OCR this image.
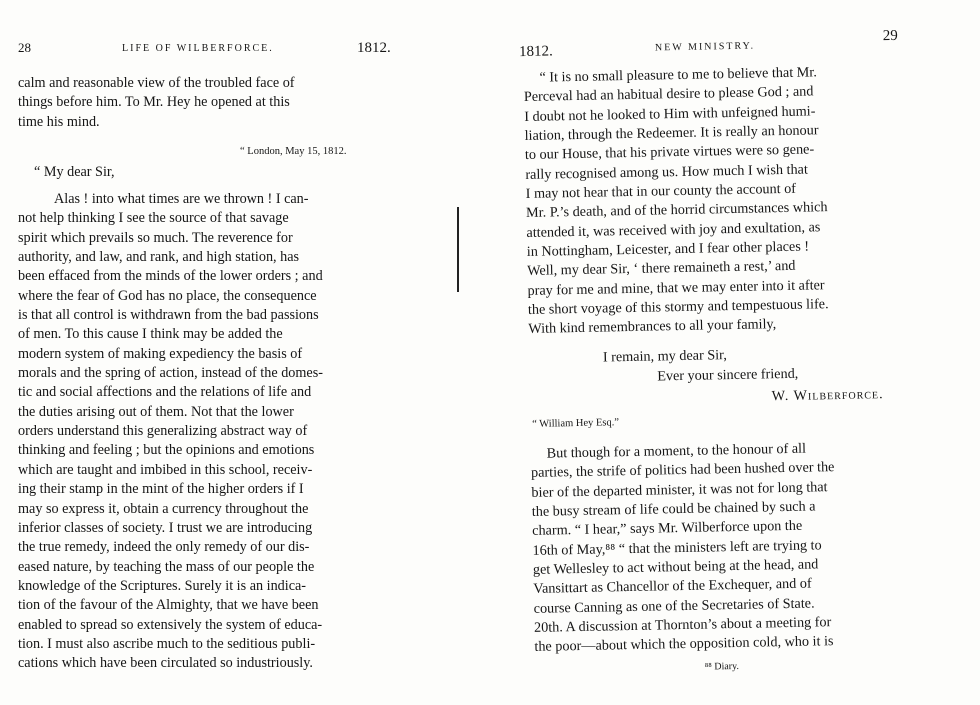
28	LIFE OF WILBERFORCE.	1812.

calm and reasonable view of the troubled face of

things before him. To Mr. Hey he opened at this

time his mind.

“ London, May 15, 1812.
“ My dear Sir,

Alas ! into what times are we thrown ! I can-

not help thinking I see the source of that savage

spirit which prevails so much. The reverence for

authority, and law, and rank, and high station, has

been effaced from the minds of the lower orders ; and

where the fear of God has no place, the consequence

is that all control is withdrawn from the bad passions

of men. To this cause I think may be added the

modern system of making expediency the basis of

morals and the spring of action, instead of the domes-

tic and social affections and the relations of life and

the duties arising out of them. Not that the lower

orders understand this generalizing abstract way of

thinking and feeling ; but the opinions and emotions

which are taught and imbibed in this school, receiv-

ing their stamp in the mint of the higher orders if I

may so express it, obtain a currency throughout the

inferior classes of society. I trust we are introducing

the true remedy, indeed the only remedy of our dis-

eased nature, by teaching the mass of our people the

knowledge of the Scriptures. Surely it is an indica-

tion of the favour of the Almighty, that we have been

enabled to spread so extensively the system of educa-

tion. I must also ascribe much to the seditious publi-

cations which have been circulated so industriously.

1812.	NEW MINISTRY.
29

“ It is no small pleasure to me to believe that Mr.

Perceval had an habitual desire to please God ; and

I doubt not he looked to Him with unfeigned humi-

liation, through the Redeemer. It is really an honour

to our House, that his private virtues were so gene-

rally recognised among us. How much I wish that

I may not hear that in our county the account of

Mr. P.’s death, and of the horrid circumstances which

attended it, was received with joy and exultation, as

in Nottingham, Leicester, and I fear other places !

Well, my dear Sir, ‘ there remaineth a rest,’ and

pray for me and mine, that we may enter into it after

the short voyage of this stormy and tempestuous life.

With kind remembrances to all your family,

I remain, my dear Sir,
Ever your sincere friend,
W. Wilberforce.
“ William Hey Esq.”

But though for a moment, to the honour of all

parties, the strife of politics had been hushed over the

bier of the departed minister, it was not for long that

the busy stream of life could be chained by such a

charm. “ I hear,” says Mr. Wilberforce upon the

16th of May,⁸⁸ “ that the ministers left are trying to

get Wellesley to act without being at the head, and

Vansittart as Chancellor of the Exchequer, and of

course Canning as one of the Secretaries of State.

20th. A discussion at Thornton’s about a meeting for

the poor—about which the opposition cold, who it is

⁸⁸ Diary.
